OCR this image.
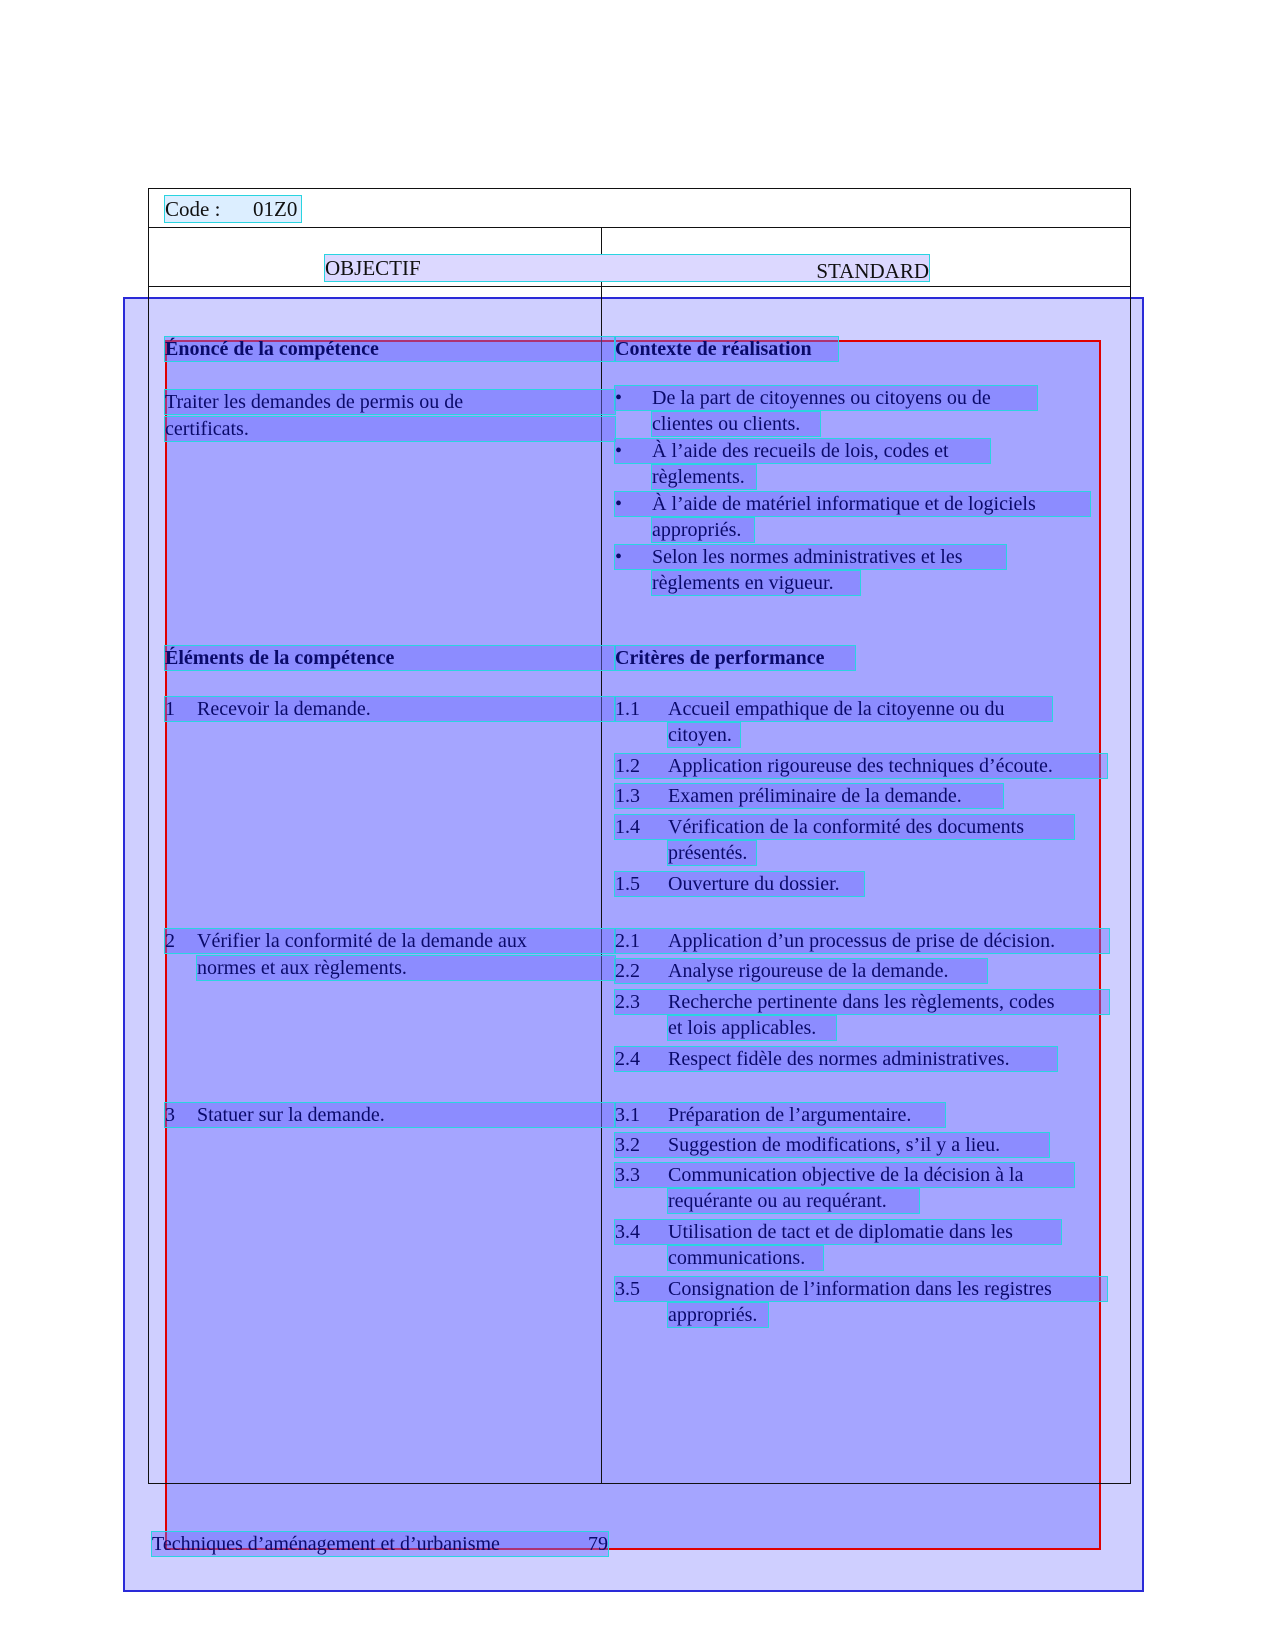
Code : 01Z0
OBJECTIF	STANDARD
Énoncé de la compétence
Traiter les demandes de permis ou de
certificats.
Contexte de réalisation
• De la part de citoyennes ou citoyens ou de
clientes ou clients.
• À l’aide des recueils de lois, codes et
règlements.
• À l’aide de matériel informatique et de logiciels
appropriés.
• Selon les normes administratives et les
règlements en vigueur.
Éléments de la compétence
1 Recevoir la demande.
2 Vérifier la conformité de la demande aux
normes et aux règlements.
3 Statuer sur la demande.
Critères de performance
1.1 Accueil empathique de la citoyenne ou du
citoyen.
1.2 Application rigoureuse des techniques d’écoute.
1.3 Examen préliminaire de la demande.
1.4 Vérification de la conformité des documents
présentés.
1.5 Ouverture du dossier.
2.1 Application d’un processus de prise de décision.
2.2 Analyse rigoureuse de la demande.
2.3 Recherche pertinente dans les règlements, codes
et lois applicables.
2.4 Respect fidèle des normes administratives.
3.1 Préparation de l’argumentaire.
3.2 Suggestion de modifications, s’il y a lieu.
3.3 Communication objective de la décision à la
requérante ou au requérant.
3.4 Utilisation de tact et de diplomatie dans les
communications.
3.5 Consignation de l’information dans les registres
appropriés.
Techniques d’aménagement et d’urbanisme	79
